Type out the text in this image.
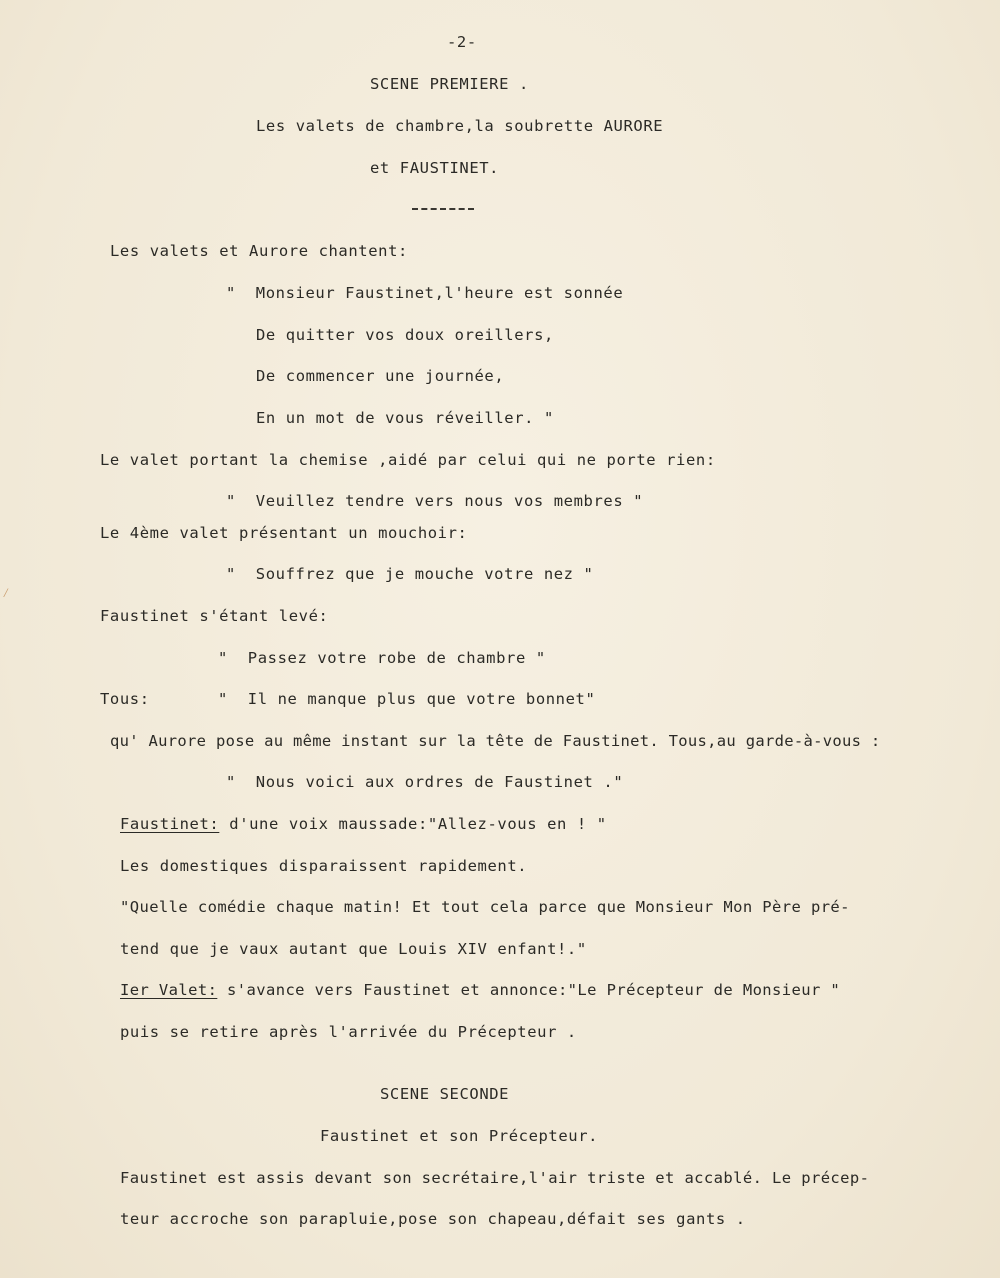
-2-
SCENE PREMIERE .
Les valets de chambre,la soubrette AURORE
et FAUSTINET.
Les valets et Aurore chantent:
"  Monsieur Faustinet,l'heure est sonnée
De quitter vos doux oreillers,
De commencer une journée,
En un mot de vous réveiller. "
Le valet portant la chemise ,aidé par celui qui ne porte rien:
"  Veuillez tendre vers nous vos membres "
Le 4ème valet présentant un mouchoir:
"  Souffrez que je mouche votre nez "
Faustinet s'étant levé:
"  Passez votre robe de chambre "
Tous:	"  Il ne manque plus que votre bonnet"
qu' Aurore pose au même instant sur la tête de Faustinet. Tous,au garde-à-vous :
"  Nous voici aux ordres de Faustinet ."
Faustinet: d'une voix maussade:"Allez-vous en ! "
Les domestiques disparaissent rapidement.
"Quelle comédie chaque matin! Et tout cela parce que Monsieur Mon Père pré-
tend que je vaux autant que Louis XIV enfant!."
Ier Valet: s'avance vers Faustinet et annonce:"Le Précepteur de Monsieur "
puis se retire après l'arrivée du Précepteur .
SCENE SECONDE
Faustinet et son Précepteur.
Faustinet est assis devant son secrétaire,l'air triste et accablé. Le précep-
teur accroche son parapluie,pose son chapeau,défait ses gants .
⁄
